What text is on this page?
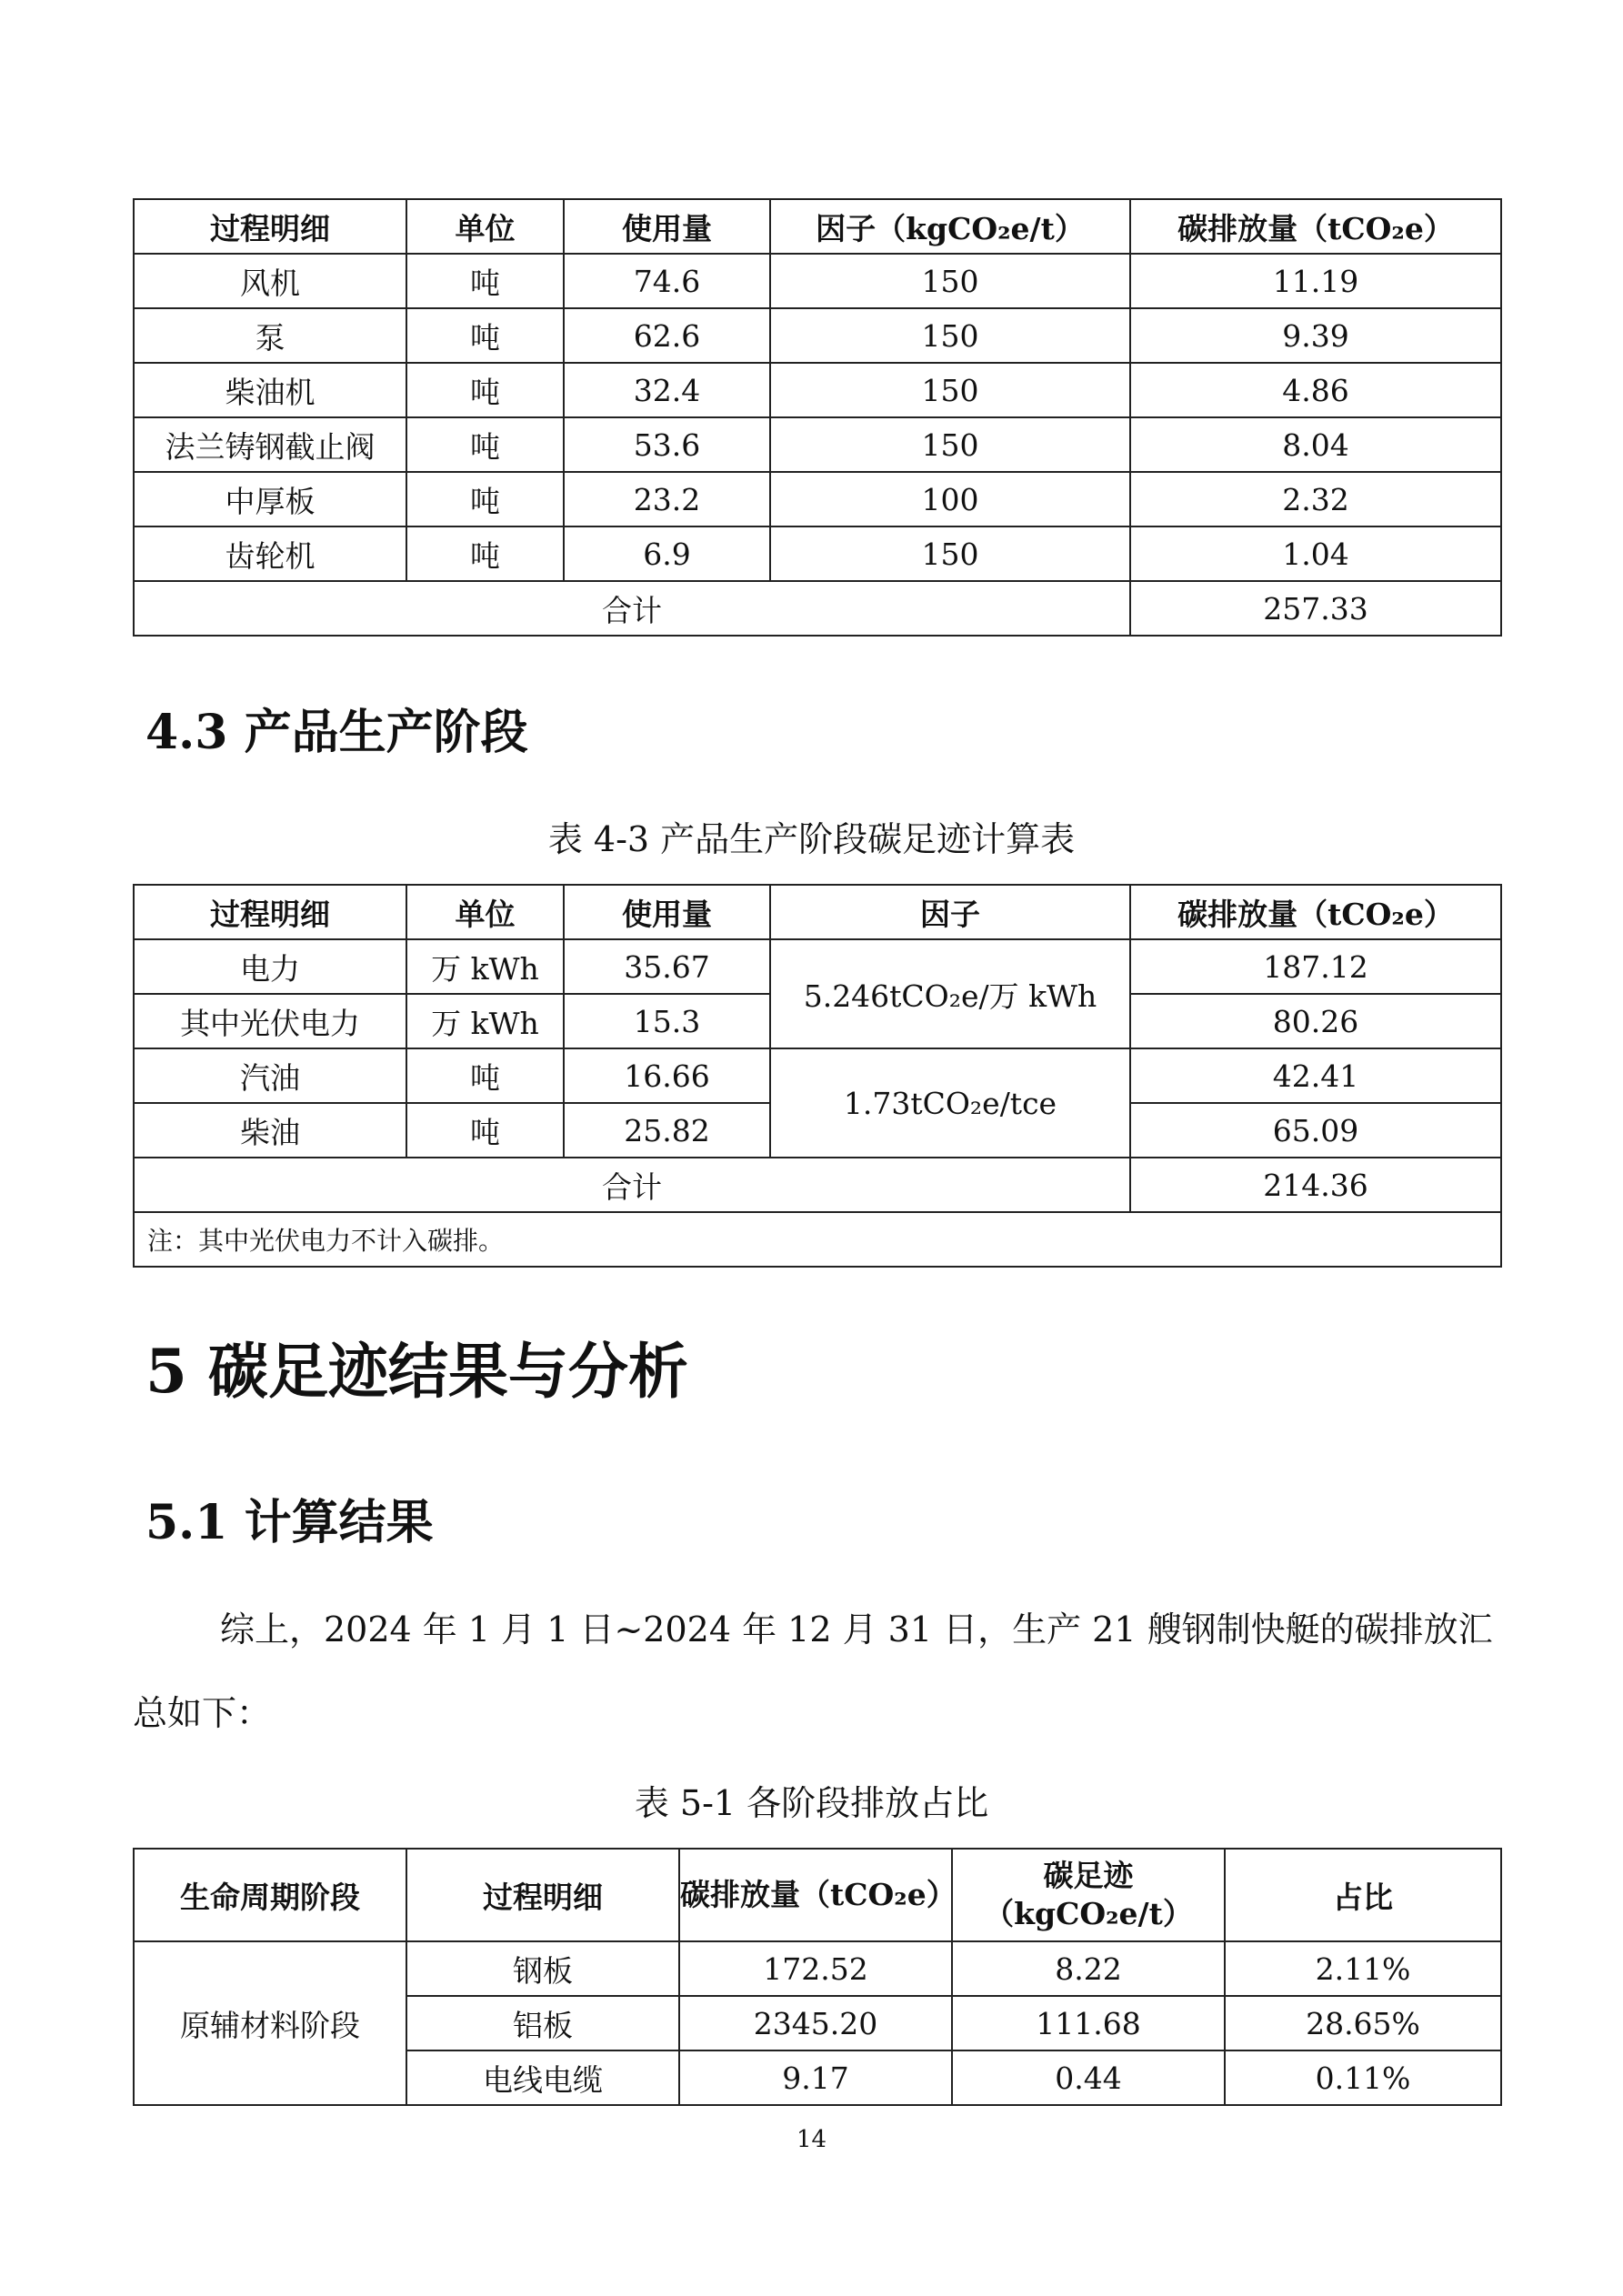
过程明细	单位	使用量	因子（kgCO₂e/t）	碳排放量（tCO₂e）
风机	吨	74.6	150	11.19
泵	吨	62.6	150	9.39
柴油机	吨	32.4	150	4.86
法兰铸钢截止阀	吨	53.6	150	8.04
中厚板	吨	23.2	100	2.32
齿轮机	吨	6.9	150	1.04
合计				257.33
4.3 产品生产阶段
表 4-3 产品生产阶段碳足迹计算表
过程明细	单位	使用量	因子	碳排放量（tCO₂e）
电力	万 kWh	35.67	5.246tCO₂e/万 kWh	187.12
其中光伏电力	万 kWh	15.3		80.26
汽油	吨	16.66	1.73tCO₂e/tce	42.41
柴油	吨	25.82		65.09
合计				214.36
注：其中光伏电力不计入碳排。				
5 碳足迹结果与分析
5.1 计算结果
综上，2024 年 1 月 1 日~2024 年 12 月 31 日，生产 21 艘钢制快艇的碳排放汇总如下：
表 5-1 各阶段排放占比
生命周期阶段	过程明细	碳排放量（tCO₂e）	碳足迹（kgCO₂e/t）	占比
原辅材料阶段	钢板	172.52	8.22	2.11%
	铝板	2345.20	111.68	28.65%
	电线电缆	9.17	0.44	0.11%
14
